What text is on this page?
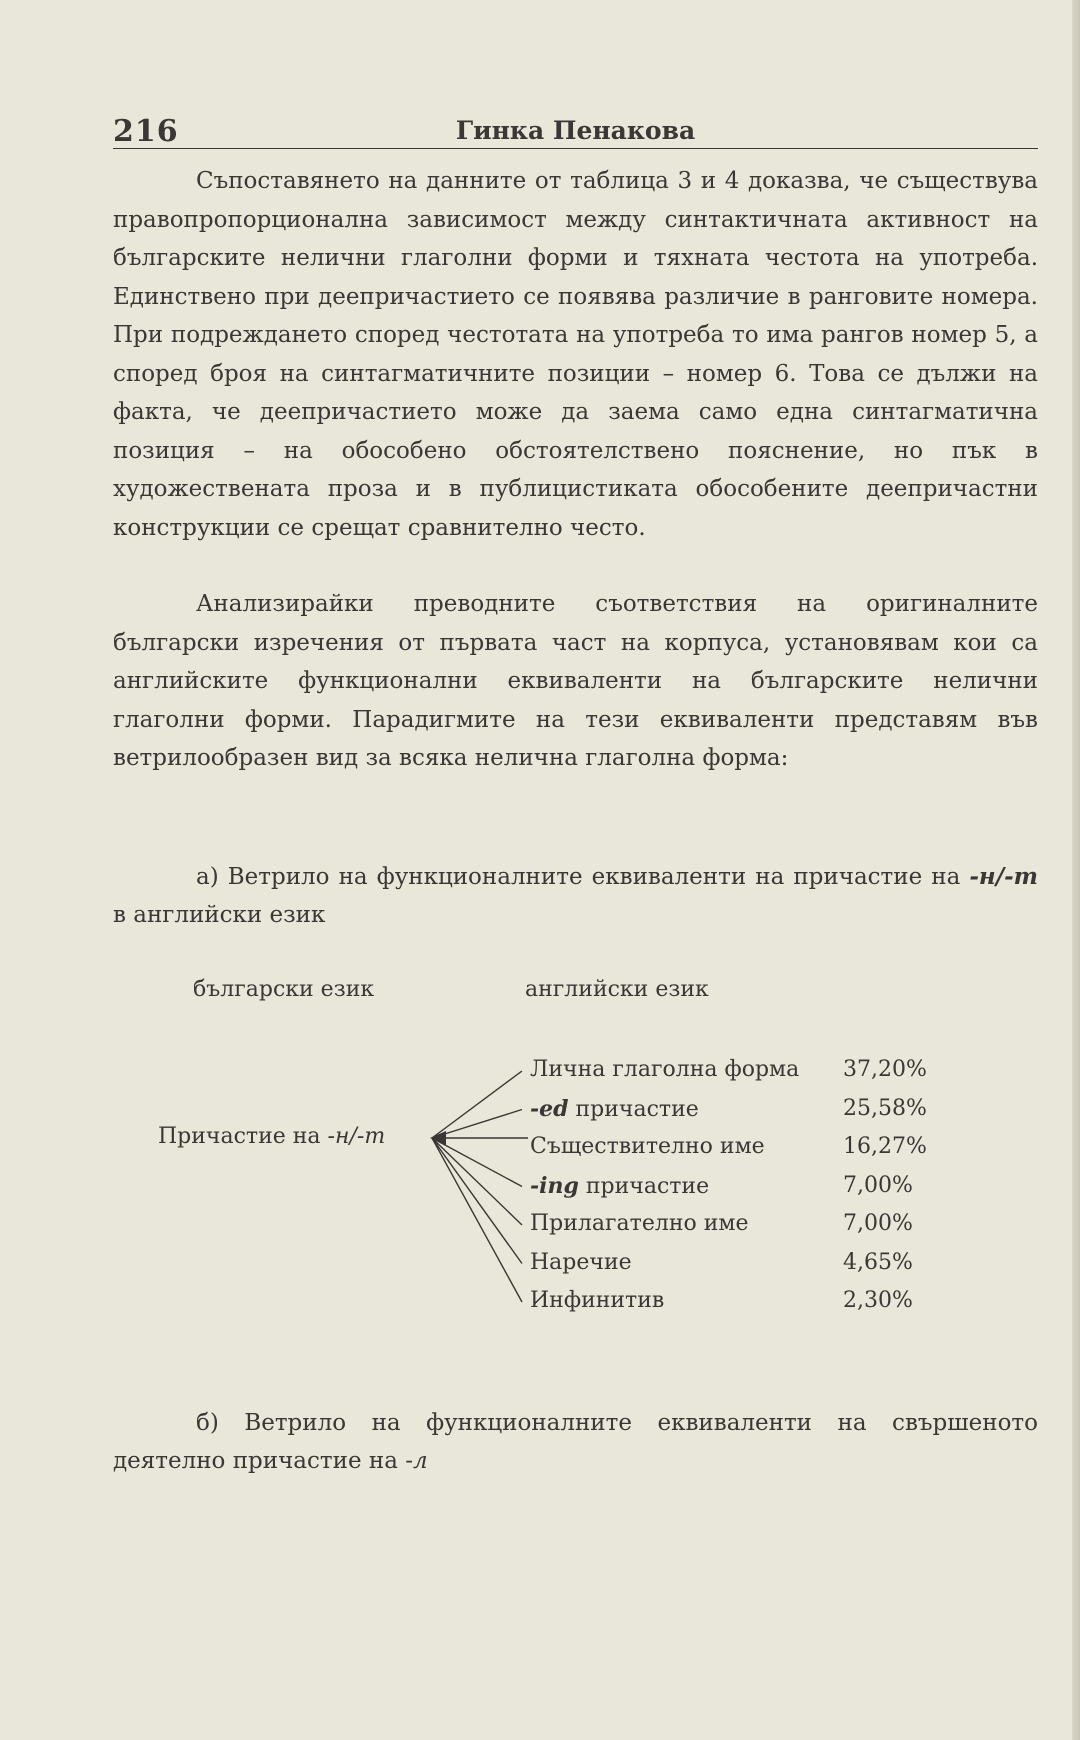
216	Гинка Пенакова

Съпоставянето на данните от таблица 3 и 4 доказва, че съществува правопропорционална зависимост между синтактичната активност на българските нелични глаголни форми и тяхната честота на употреба. Единствено при деепричастието се появява различие в ранговите номера. При подреждането според честотата на употреба то има рангов номер 5, а според броя на синтагматичните позиции – номер 6. Това се дължи на факта, че деепричастието може да заема само една синтагматична позиция – на обособено обстоятелствено пояснение, но пък в художествената проза и в публицистиката обособените деепричастни конструкции се срещат сравнително често.

Анализирайки преводните съответствия на оригиналните български изречения от първата част на корпуса, установявам кои са английските функционални еквиваленти на българските нелични глаголни форми. Парадигмите на тези еквиваленти представям във ветрилообразен вид за всяка нелична глаголна форма:

а) Ветрило на функционалните еквиваленти на причастие на -н/-т в английски език

български език	английски език
Причастие на -н/-т
Лична глаголна форма 37,20%
-ed причастие	25,58%
Съществително име	16,27%
-ing причастие	7,00%
Прилагателно име	7,00%
Наречие	4,65%
Инфинитив	2,30%

б) Ветрило на функционалните еквиваленти на свършеното деятелно причастие на -л
